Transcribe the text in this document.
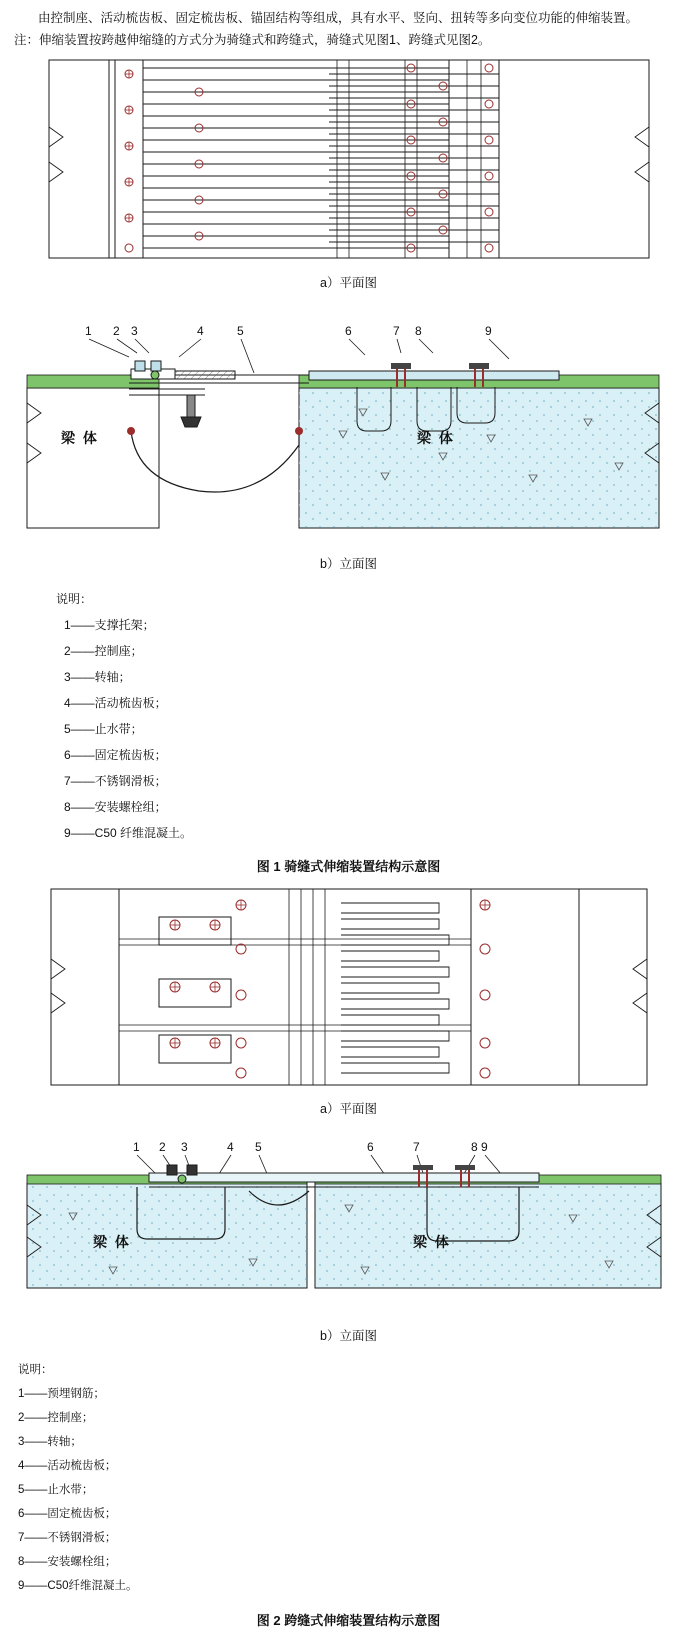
由控制座、活动梳齿板、固定梳齿板、锚固结构等组成，具有水平、竖向、扭转等多向变位功能的伸缩装置。

注：伸缩装置按跨越伸缩缝的方式分为骑缝式和跨缝式，骑缝式见图1、跨缝式见图2。

a）平面图
1 2 3	4	5	6	7 8	9
梁 体	梁 体
b）立面图
说明：
1——支撑托架；
2——控制座；
3——转轴；
4——活动梳齿板；
5——止水带；
6——固定梳齿板；
7——不锈钢滑板；
8——安装螺栓组；
9——C50 纤维混凝土。
图 1 骑缝式伸缩装置结构示意图
a）平面图
1 2 3	4 5	6	7	8 9
梁 体	梁 体
b）立面图
说明：
1——预埋钢筋；
2——控制座；
3——转轴；
4——活动梳齿板；
5——止水带；
6——固定梳齿板；
7——不锈钢滑板；
8——安装螺栓组；
9——C50纤维混凝土。
图 2 跨缝式伸缩装置结构示意图
